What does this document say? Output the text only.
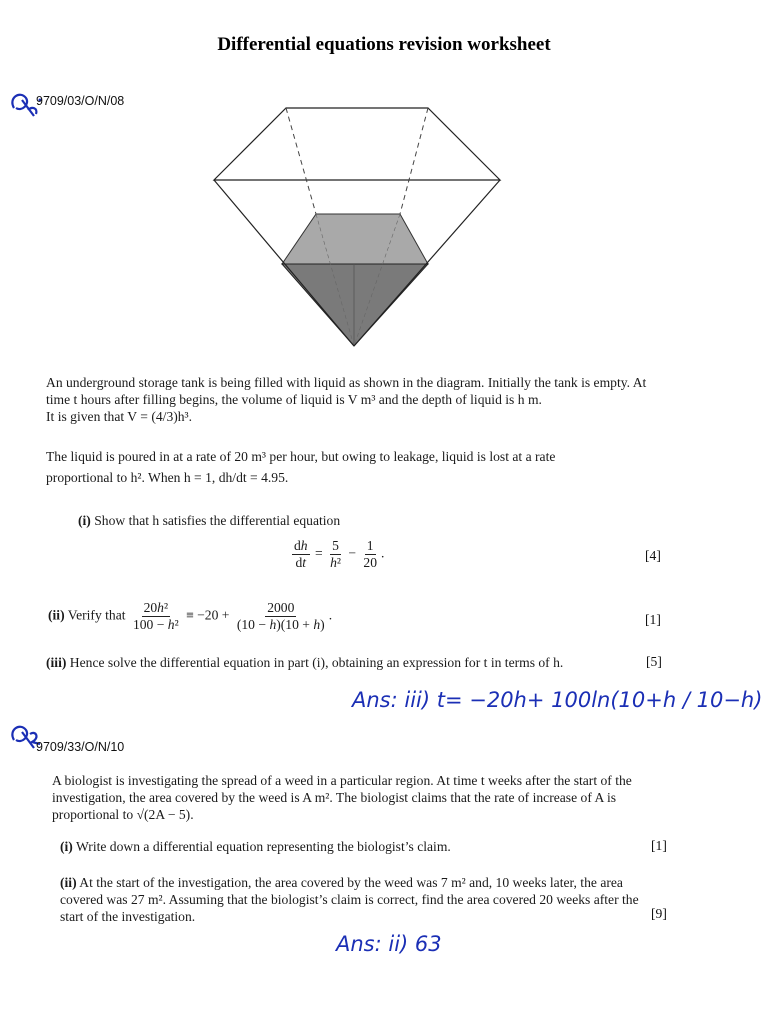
Differential equations revision worksheet
9709/03/O/N/08

An underground storage tank is being filled with liquid as shown in the diagram. Initially the tank is empty. At time t hours after filling begins, the volume of liquid is V m³ and the depth of liquid is h m.

It is given that V = (4/3)h³.

The liquid is poured in at a rate of 20 m³ per hour, but owing to leakage, liquid is lost at a rate

proportional to h². When h = 1, dh/dt = 4.95.

(i) Show that h satisfies the differential equation
$\frac{dh}{dt} = \frac{5}{\text{h²}} - \frac{1}{20}$ .	[4]
(ii) Verify that $\frac{\text{20h²}}{\text{100 − h²}} \equiv -20 + \frac{2000}{(10 - h)(10 + h)}$ .	[1]
(iii) Hence solve the differential equation in part (i), obtaining an expression for t in terms of h.	[5]
Ans: iii) t= −20h+ 100ln(10+h / 10−h)
9709/33/O/N/10
A biologist is investigating the spread of a weed in a particular region. At time t weeks after the start of the investigation, the area covered by the weed is A m². The biologist claims that the rate of increase of A is proportional to √(2A − 5).
(i) Write down a differential equation representing the biologist’s claim.	[1]
(ii) At the start of the investigation, the area covered by the weed was 7 m² and, 10 weeks later, the area covered was 27 m². Assuming that the biologist’s claim is correct, find the area covered 20 weeks after the start of the investigation.	[9]
Ans: ii) 63
